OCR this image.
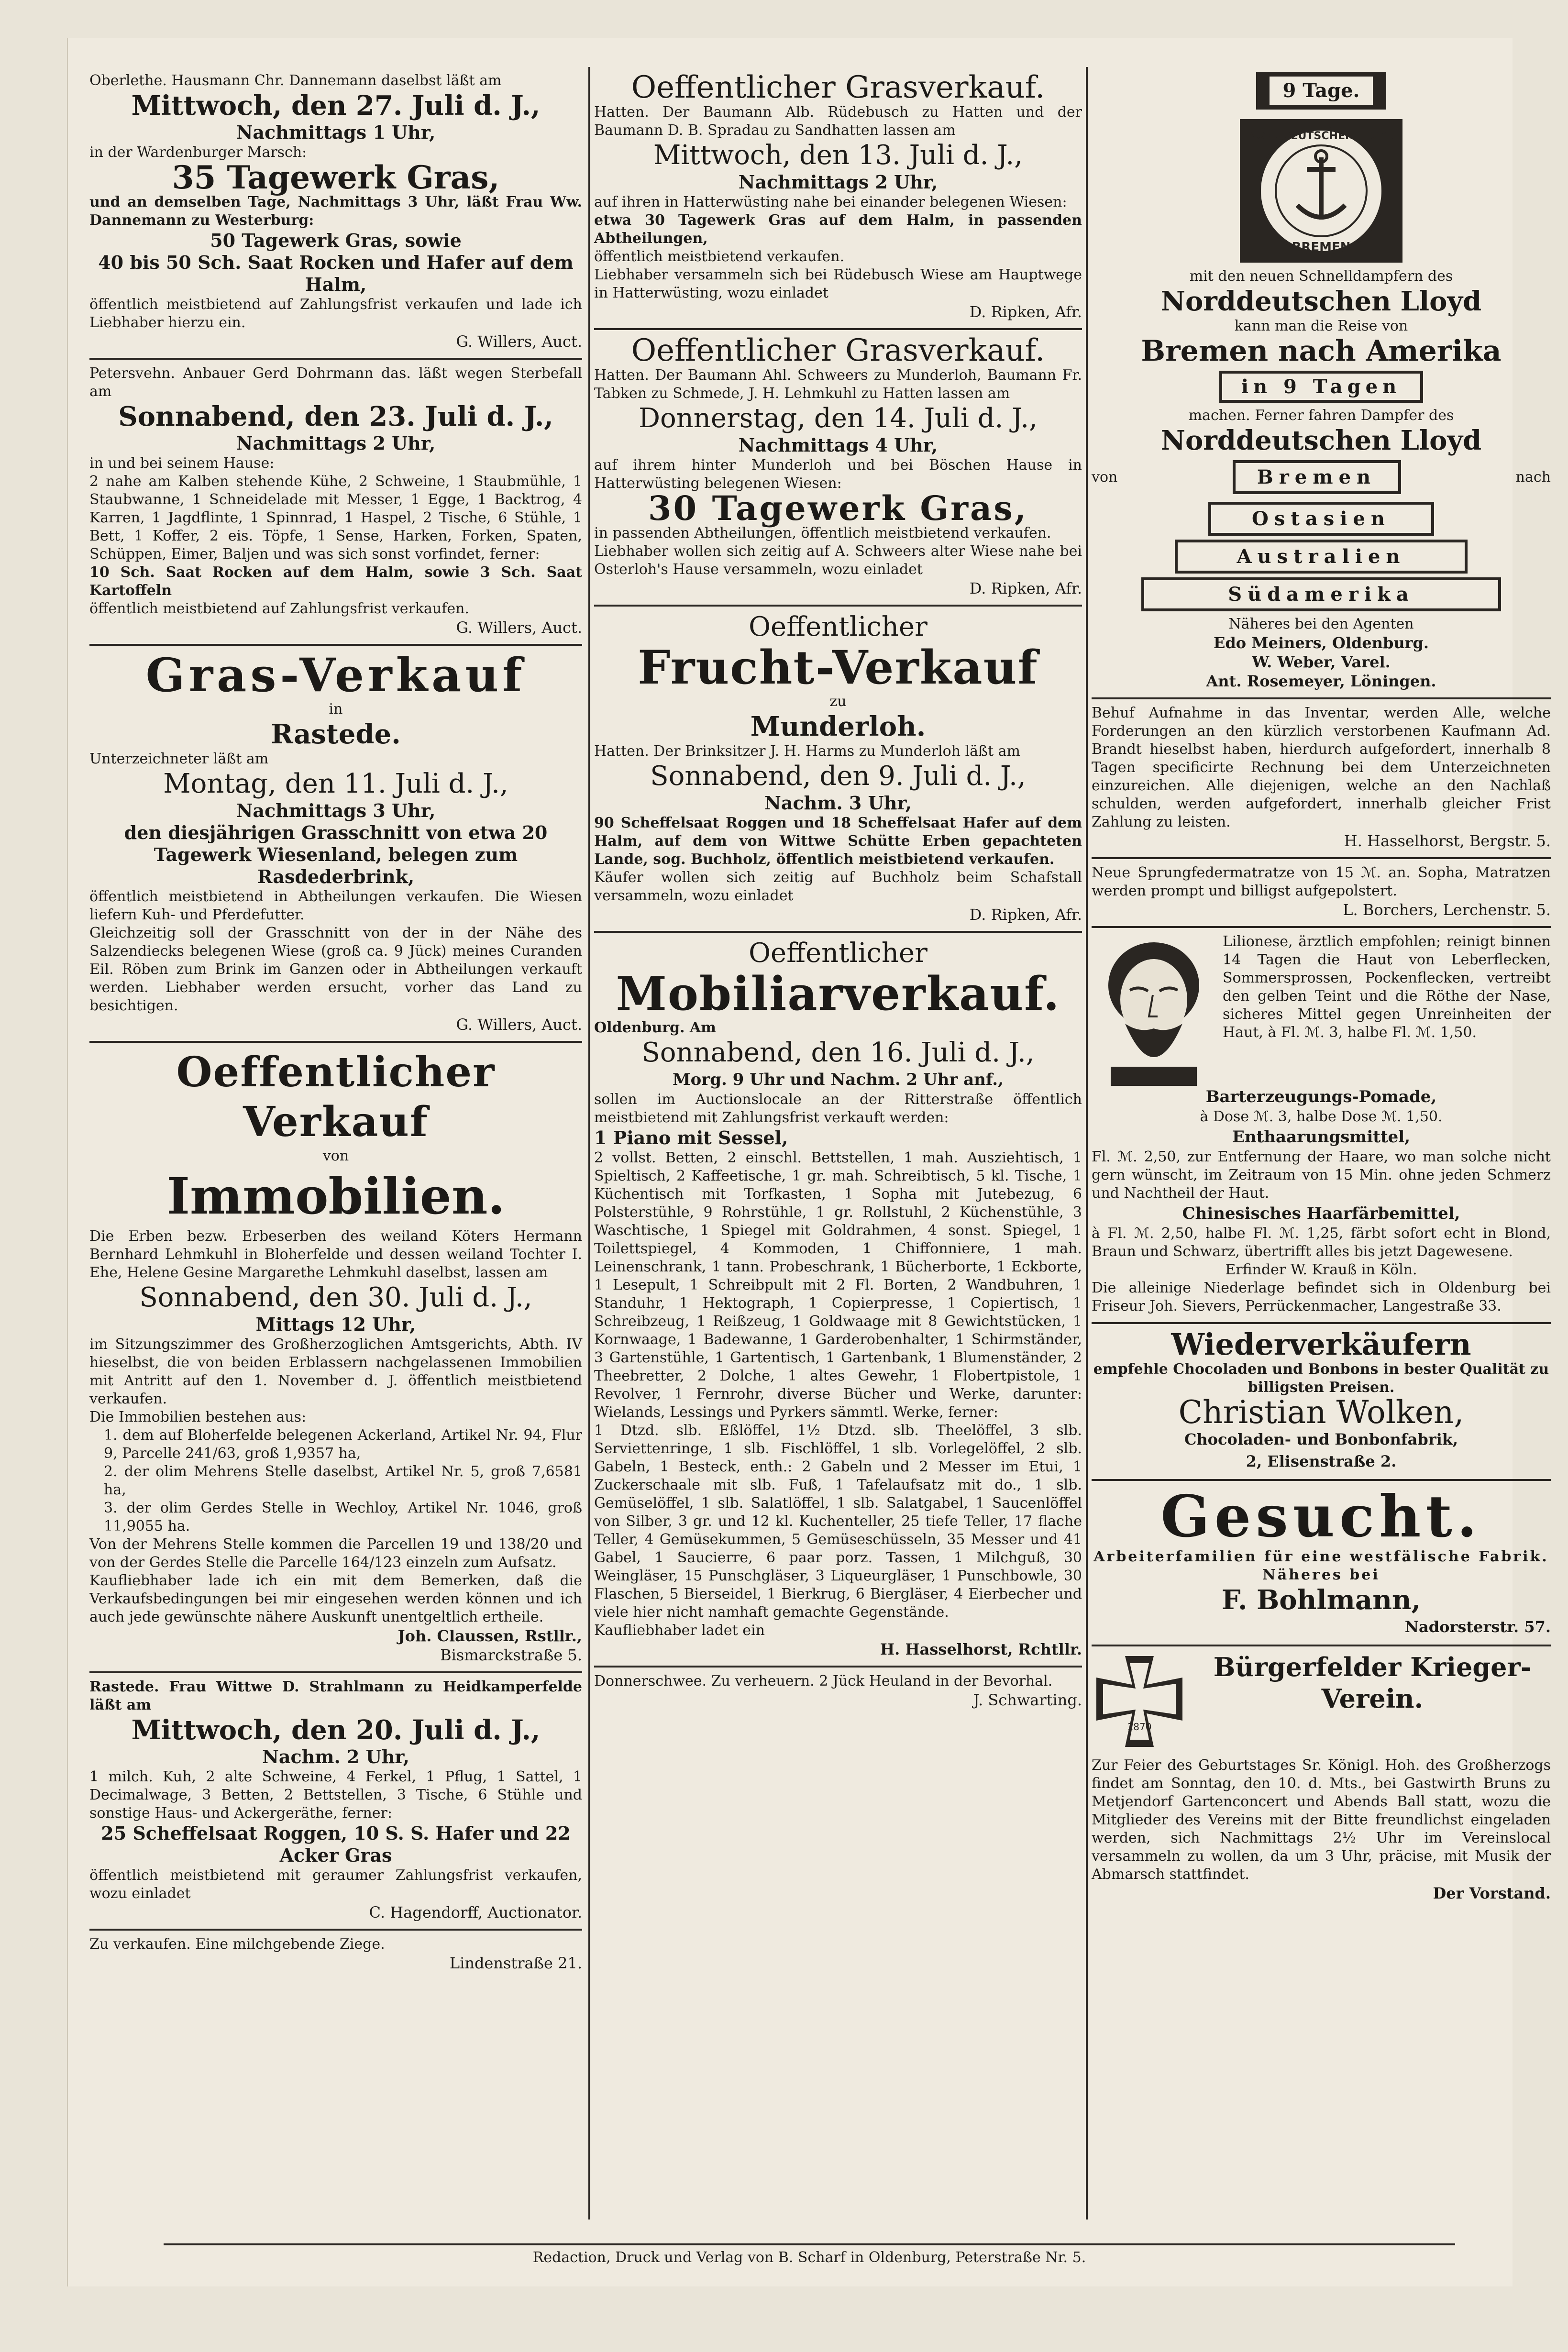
Oberlethe. Hausmann Chr. Dannemann daselbst läßt am
Mittwoch, den 27. Juli d. J.,
Nachmittags 1 Uhr,
in der Wardenburger Marsch:
35 Tagewerk Gras,
und an demselben Tage, Nachmittags 3 Uhr, läßt Frau Ww. Dannemann zu Westerburg:
50 Tagewerk Gras, sowie
40 bis 50 Sch. Saat Rocken und Hafer auf dem Halm,
öffentlich meistbietend auf Zahlungsfrist verkaufen und lade ich Liebhaber hierzu ein.
G. Willers, Auct.
Petersvehn. Anbauer Gerd Dohrmann das. läßt wegen Sterbefall am
Sonnabend, den 23. Juli d. J.,
Nachmittags 2 Uhr,
in und bei seinem Hause:
2 nahe am Kalben stehende Kühe, 2 Schweine, 1 Staubmühle, 1 Staubwanne, 1 Schneidelade mit Messer, 1 Egge, 1 Backtrog, 4 Karren, 1 Jagdflinte, 1 Spinnrad, 1 Haspel, 2 Tische, 6 Stühle, 1 Bett, 1 Koffer, 2 eis. Töpfe, 1 Sense, Harken, Forken, Spaten, Schüppen, Eimer, Baljen und was sich sonst vorfindet, ferner:
10 Sch. Saat Rocken auf dem Halm, sowie 3 Sch. Saat Kartoffeln
öffentlich meistbietend auf Zahlungsfrist verkaufen.
G. Willers, Auct.
Gras-Verkauf
in
Rastede.
Unterzeichneter läßt am
Montag, den 11. Juli d. J.,
Nachmittags 3 Uhr,
den diesjährigen Grasschnitt von etwa 20 Tagewerk Wiesenland, belegen zum Rasdederbrink,
öffentlich meistbietend in Abtheilungen verkaufen. Die Wiesen liefern Kuh- und Pferdefutter.
Gleichzeitig soll der Grasschnitt von der in der Nähe des Salzendiecks belegenen Wiese (groß ca. 9 Jück) meines Curanden Eil. Röben zum Brink im Ganzen oder in Abtheilungen verkauft werden. Liebhaber werden ersucht, vorher das Land zu besichtigen.
G. Willers, Auct.
Oeffentlicher Verkauf
von
Immobilien.
Die Erben bezw. Erbeserben des weiland Köters Hermann Bernhard Lehmkuhl in Bloherfelde und dessen weiland Tochter I. Ehe, Helene Gesine Margarethe Lehmkuhl daselbst, lassen am
Sonnabend, den 30. Juli d. J.,
Mittags 12 Uhr,
im Sitzungszimmer des Großherzoglichen Amtsgerichts, Abth. IV hieselbst, die von beiden Erblassern nachgelassenen Immobilien mit Antritt auf den 1. November d. J. öffentlich meistbietend verkaufen.
Die Immobilien bestehen aus:
1. dem auf Bloherfelde belegenen Ackerland, Artikel Nr. 94, Flur 9, Parcelle 241/63, groß 1,9357 ha,
2. der olim Mehrens Stelle daselbst, Artikel Nr. 5, groß 7,6581 ha,
3. der olim Gerdes Stelle in Wechloy, Artikel Nr. 1046, groß 11,9055 ha.
Von der Mehrens Stelle kommen die Parcellen 19 und 138/20 und von der Gerdes Stelle die Parcelle 164/123 einzeln zum Aufsatz.
Kaufliebhaber lade ich ein mit dem Bemerken, daß die Verkaufsbedingungen bei mir eingesehen werden können und ich auch jede gewünschte nähere Auskunft unentgeltlich ertheile.
Joh. Claussen, Rstllr.,
Bismarckstraße 5.
Rastede. Frau Wittwe D. Strahlmann zu Heidkamperfelde läßt am
Mittwoch, den 20. Juli d. J.,
Nachm. 2 Uhr,
1 milch. Kuh, 2 alte Schweine, 4 Ferkel, 1 Pflug, 1 Sattel, 1 Decimalwage, 3 Betten, 2 Bettstellen, 3 Tische, 6 Stühle und sonstige Haus- und Ackergeräthe, ferner:
25 Scheffelsaat Roggen, 10 S. S. Hafer und 22 Acker Gras
öffentlich meistbietend mit geraumer Zahlungsfrist verkaufen, wozu einladet
C. Hagendorff, Auctionator.
Zu verkaufen. Eine milchgebende Ziege.
Lindenstraße 21.
Oeffentlicher Grasverkauf.
Hatten. Der Baumann Alb. Rüdebusch zu Hatten und der Baumann D. B. Spradau zu Sandhatten lassen am
Mittwoch, den 13. Juli d. J.,
Nachmittags 2 Uhr,
auf ihren in Hatterwüsting nahe bei einander belegenen Wiesen:
etwa 30 Tagewerk Gras auf dem Halm, in passenden Abtheilungen,
öffentlich meistbietend verkaufen.
Liebhaber versammeln sich bei Rüdebusch Wiese am Hauptwege in Hatterwüsting, wozu einladet
D. Ripken, Afr.
Oeffentlicher Grasverkauf.
Hatten. Der Baumann Ahl. Schweers zu Munderloh, Baumann Fr. Tabken zu Schmede, J. H. Lehmkuhl zu Hatten lassen am
Donnerstag, den 14. Juli d. J.,
Nachmittags 4 Uhr,
auf ihrem hinter Munderloh und bei Böschen Hause in Hatterwüsting belegenen Wiesen:
30 Tagewerk Gras,
in passenden Abtheilungen, öffentlich meistbietend verkaufen.
Liebhaber wollen sich zeitig auf A. Schweers alter Wiese nahe bei Osterloh's Hause versammeln, wozu einladet
D. Ripken, Afr.
Oeffentlicher
Frucht-Verkauf
zu
Munderloh.
Hatten. Der Brinksitzer J. H. Harms zu Munderloh läßt am
Sonnabend, den 9. Juli d. J.,
Nachm. 3 Uhr,
90 Scheffelsaat Roggen und 18 Scheffelsaat Hafer auf dem Halm, auf dem von Wittwe Schütte Erben gepachteten Lande, sog. Buchholz, öffentlich meistbietend verkaufen.
Käufer wollen sich zeitig auf Buchholz beim Schafstall versammeln, wozu einladet
D. Ripken, Afr.
Oeffentlicher
Mobiliarverkauf.
Oldenburg. Am
Sonnabend, den 16. Juli d. J.,
Morg. 9 Uhr und Nachm. 2 Uhr anf.,
sollen im Auctionslocale an der Ritterstraße öffentlich meistbietend mit Zahlungsfrist verkauft werden:
1 Piano mit Sessel,
2 vollst. Betten, 2 einschl. Bettstellen, 1 mah. Ausziehtisch, 1 Spieltisch, 2 Kaffeetische, 1 gr. mah. Schreibtisch, 5 kl. Tische, 1 Küchentisch mit Torfkasten, 1 Sopha mit Jutebezug, 6 Polsterstühle, 9 Rohrstühle, 1 gr. Rollstuhl, 2 Küchenstühle, 3 Waschtische, 1 Spiegel mit Goldrahmen, 4 sonst. Spiegel, 1 Toilettspiegel, 4 Kommoden, 1 Chiffonniere, 1 mah. Leinenschrank, 1 tann. Probeschrank, 1 Bücherborte, 1 Eckborte, 1 Lesepult, 1 Schreibpult mit 2 Fl. Borten, 2 Wandbuhren, 1 Standuhr, 1 Hektograph, 1 Copierpresse, 1 Copiertisch, 1 Schreibzeug, 1 Reißzeug, 1 Goldwaage mit 8 Gewichtstücken, 1 Kornwaage, 1 Badewanne, 1 Garderobenhalter, 1 Schirmständer, 3 Gartenstühle, 1 Gartentisch, 1 Gartenbank, 1 Blumenständer, 2 Theebretter, 2 Dolche, 1 altes Gewehr, 1 Flobertpistole, 1 Revolver, 1 Fernrohr, diverse Bücher und Werke, darunter: Wielands, Lessings und Pyrkers sämmtl. Werke, ferner:
1 Dtzd. slb. Eßlöffel, 1½ Dtzd. slb. Theelöffel, 3 slb. Serviettenringe, 1 slb. Fischlöffel, 1 slb. Vorlegelöffel, 2 slb. Gabeln, 1 Besteck, enth.: 2 Gabeln und 2 Messer im Etui, 1 Zuckerschaale mit slb. Fuß, 1 Tafelaufsatz mit do., 1 slb. Gemüselöffel, 1 slb. Salatlöffel, 1 slb. Salatgabel, 1 Saucenlöffel von Silber, 3 gr. und 12 kl. Kuchenteller, 25 tiefe Teller, 17 flache Teller, 4 Gemüsekummen, 5 Gemüseschüsseln, 35 Messer und 41 Gabel, 1 Saucierre, 6 paar porz. Tassen, 1 Milchguß, 30 Weingläser, 15 Punschgläser, 3 Liqueurgläser, 1 Punschbowle, 30 Flaschen, 5 Bierseidel, 1 Bierkrug, 6 Biergläser, 4 Eierbecher und viele hier nicht namhaft gemachte Gegenstände.
Kaufliebhaber ladet ein
H. Hasselhorst, Rchtllr.
Donnerschwee. Zu verheuern. 2 Jück Heuland in der Bevorhal.
J. Schwarting.
9 Tage.
NORDDEUTSCHER LLOYD
BREMEN
mit den neuen Schnelldampfern des
Norddeutschen Lloyd
kann man die Reise von
Bremen nach Amerika
in 9 Tagen
machen. Ferner fahren Dampfer des
Norddeutschen Lloyd
von	Bremen	nach
Ostasien
Australien
Südamerika
Näheres bei den Agenten
Edo Meiners, Oldenburg.
W. Weber, Varel.
Ant. Rosemeyer, Löningen.
Behuf Aufnahme in das Inventar, werden Alle, welche Forderungen an den kürzlich verstorbenen Kaufmann Ad. Brandt hieselbst haben, hierdurch aufgefordert, innerhalb 8 Tagen specificirte Rechnung bei dem Unterzeichneten einzureichen. Alle diejenigen, welche an den Nachlaß schulden, werden aufgefordert, innerhalb gleicher Frist Zahlung zu leisten.
H. Hasselhorst, Bergstr. 5.
Neue Sprungfedermatratze von 15 ℳ. an. Sopha, Matratzen werden prompt und billigst aufgepolstert.
L. Borchers, Lerchenstr. 5.
Lilionese, ärztlich empfohlen; reinigt binnen 14 Tagen die Haut von Leberflecken, Sommersprossen, Pockenflecken, vertreibt den gelben Teint und die Röthe der Nase, sicheres Mittel gegen Unreinheiten der Haut, à Fl. ℳ. 3, halbe Fl. ℳ. 1,50.
Barterzeugungs-Pomade,
à Dose ℳ. 3, halbe Dose ℳ. 1,50.
Enthaarungsmittel,
Fl. ℳ. 2,50, zur Entfernung der Haare, wo man solche nicht gern wünscht, im Zeitraum von 15 Min. ohne jeden Schmerz und Nachtheil der Haut.
Chinesisches Haarfärbemittel,
à Fl. ℳ. 2,50, halbe Fl. ℳ. 1,25, färbt sofort echt in Blond, Braun und Schwarz, übertrifft alles bis jetzt Dagewesene.
Erfinder W. Krauß in Köln.
Die alleinige Niederlage befindet sich in Oldenburg bei Friseur Joh. Sievers, Perrückenmacher, Langestraße 33.
Wiederverkäufern
empfehle Chocoladen und Bonbons in bester Qualität zu billigsten Preisen.
Christian Wolken,
Chocoladen- und Bonbonfabrik,
2, Elisenstraße 2.
Gesucht.
Arbeiterfamilien für eine westfälische Fabrik. Näheres bei
F. Bohlmann,
Nadorsterstr. 57.
1870
Bürgerfelder Krieger-Verein.
Zur Feier des Geburtstages Sr. Königl. Hoh. des Großherzogs findet am Sonntag, den 10. d. Mts., bei Gastwirth Bruns zu Metjendorf Gartenconcert und Abends Ball statt, wozu die Mitglieder des Vereins mit der Bitte freundlichst eingeladen werden, sich Nachmittags 2½ Uhr im Vereinslocal versammeln zu wollen, da um 3 Uhr, präcise, mit Musik der Abmarsch stattfindet.
Der Vorstand.
Redaction, Druck und Verlag von B. Scharf in Oldenburg, Peterstraße Nr. 5.
